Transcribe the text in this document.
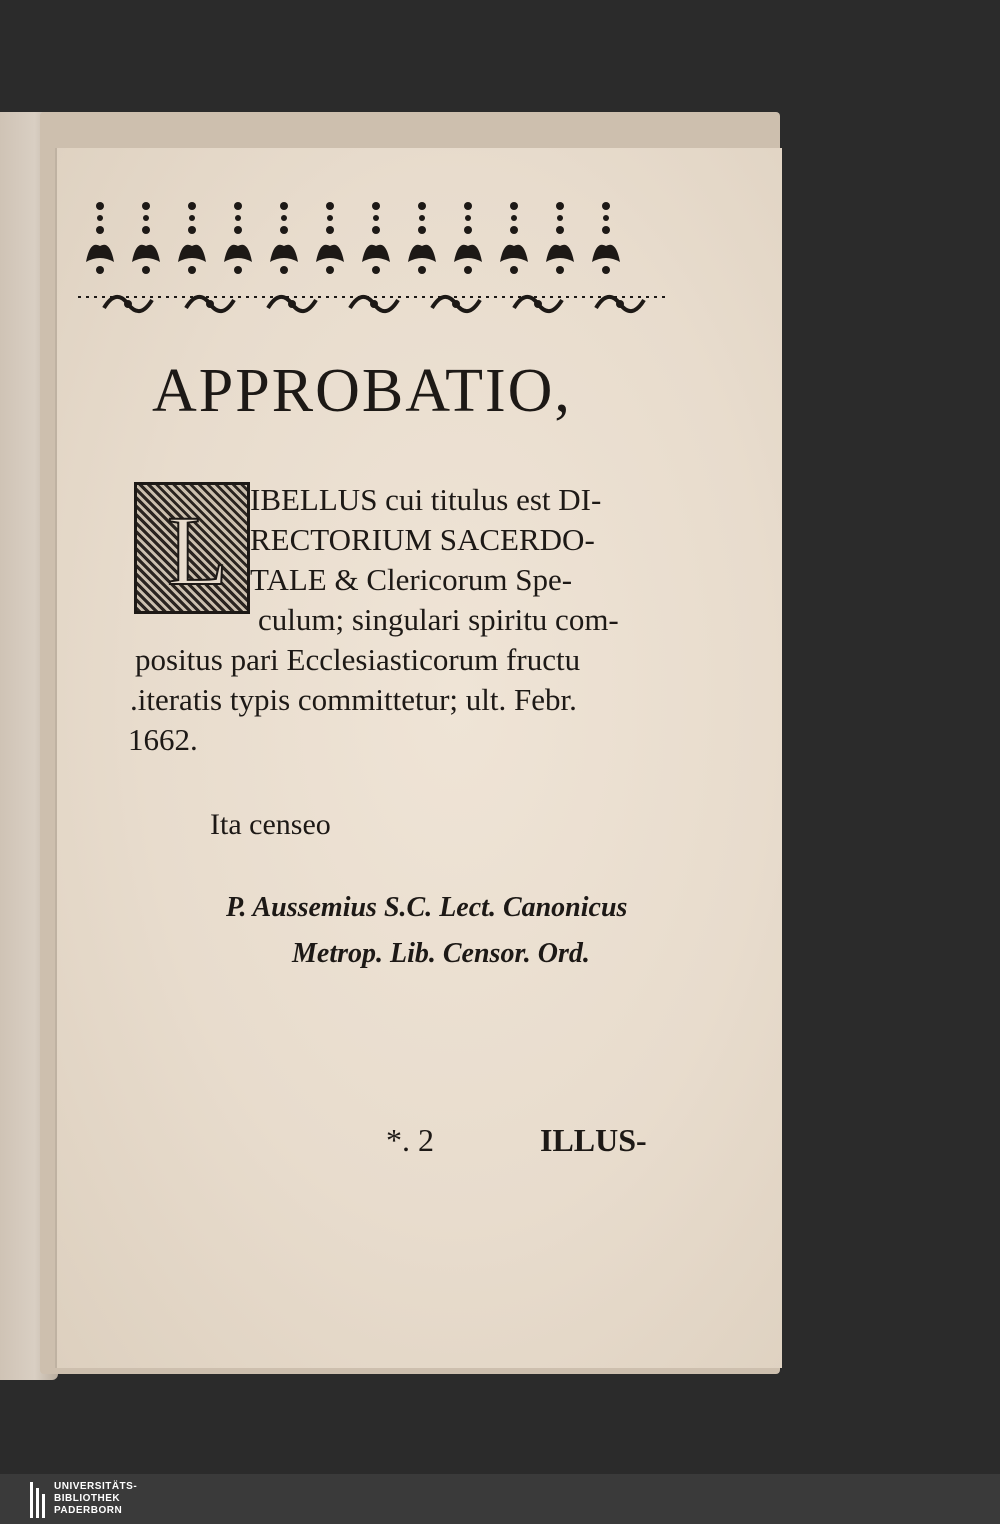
APPROBATIO,
L IBELLUS cui titulus est DI-
RECTORIUM SACERDO-
TALE & Clericorum Spe-
culum; singulari spiritu com-
positus pari Ecclesiasticorum fructu
.iteratis typis committetur; ult. Febr.
1662.
Ita censeo
P. Aussemius S.C. Lect. Canonicus
Metrop. Lib. Censor. Ord.
*. 2	ILLUS-
UNIVERSITÄTS-
BIBLIOTHEK
PADERBORN
